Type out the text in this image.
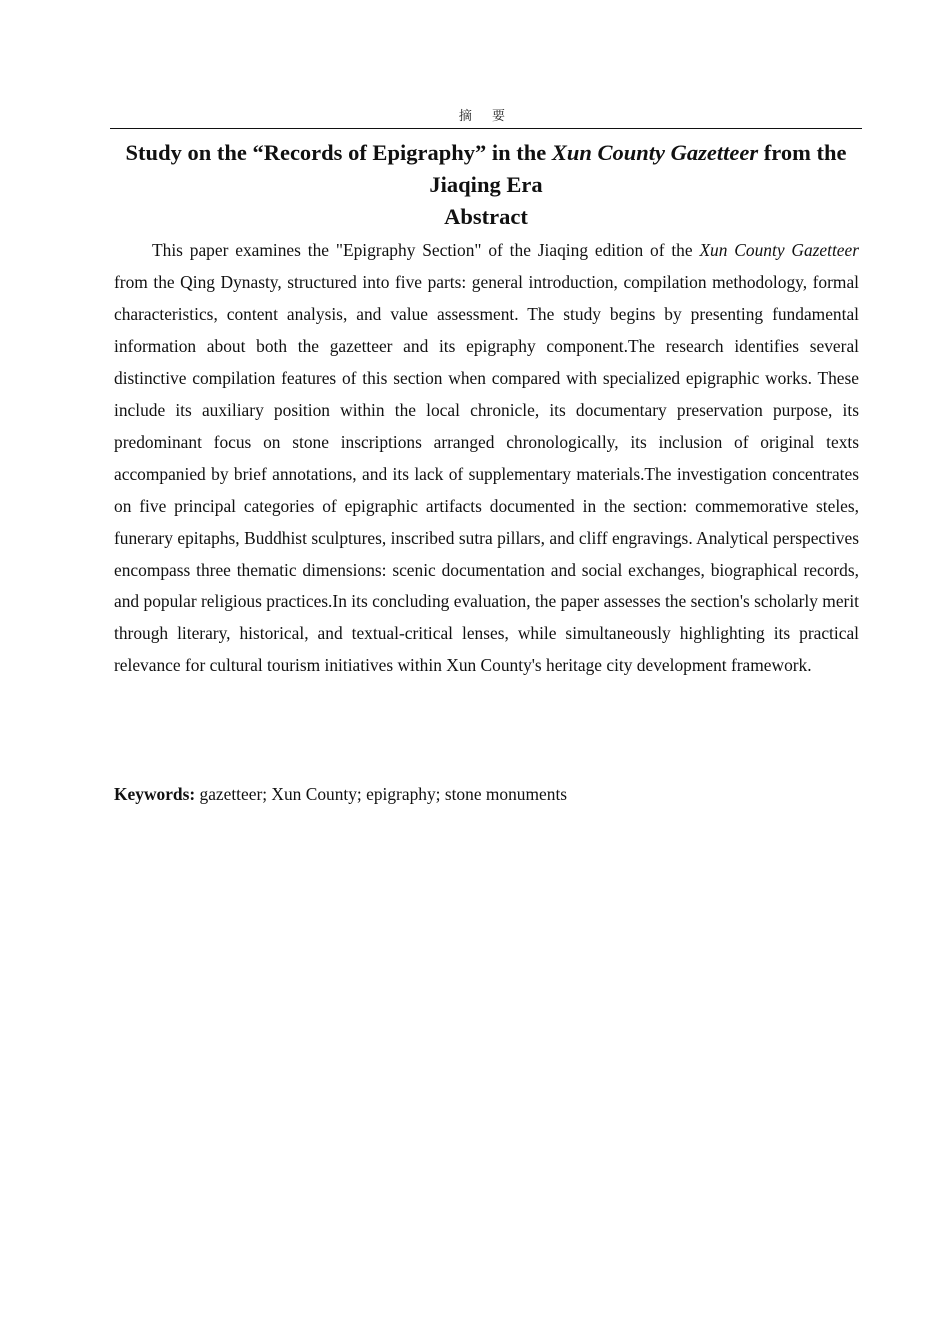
摘 要
Study on the “Records of Epigraphy” in the Xun County Gazetteer from the Jiaqing Era
Abstract

This paper examines the "Epigraphy Section" of the Jiaqing edition of the Xun County Gazetteer from the Qing Dynasty, structured into five parts: general introduction, compilation methodology, formal characteristics, content analysis, and value assessment. The study begins by presenting fundamental information about both the gazetteer and its epigraphy component.The research identifies several distinctive compilation features of this section when compared with specialized epigraphic works. These include its auxiliary position within the local chronicle, its documentary preservation purpose, its predominant focus on stone inscriptions arranged chronologically, its inclusion of original texts accompanied by brief annotations, and its lack of supplementary materials.The investigation concentrates on five principal categories of epigraphic artifacts documented in the section: commemorative steles, funerary epitaphs, Buddhist sculptures, inscribed sutra pillars, and cliff engravings. Analytical perspectives encompass three thematic dimensions: scenic documentation and social exchanges, biographical records, and popular religious practices.In its concluding evaluation, the paper assesses the section's scholarly merit through literary, historical, and textual-critical lenses, while simultaneously highlighting its practical relevance for cultural tourism initiatives within Xun County's heritage city development framework.

Keywords: gazetteer; Xun County; epigraphy; stone monuments
